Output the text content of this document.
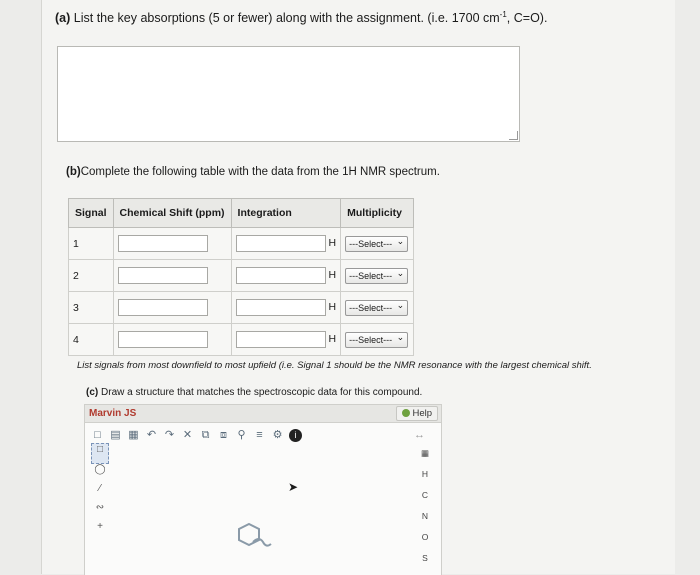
(a) List the key absorptions (5 or fewer) along with the assignment. (i.e. 1700 $cm^{-1}$, C=O).
(b)Complete the following table with the data from the 1H NMR spectrum.
Signal	Chemical Shift (ppm)	Integration	Multiplicity
1		H	---Select--- ⌄
2		H	---Select--- ⌄
3		H	---Select--- ⌄
4		H	---Select--- ⌄
List signals from most downfield to most upfield (i.e. Signal 1 should be the NMR resonance with the largest chemical shift.
(c) Draw a structure that matches the spectroscopic data for this compound.
Marvin JS	Help
□ ▤ ▦ ↶ ↷ ✕ ⧉ ⧈ ⚲ ≡ ⚙	i	↔
□
◯
⁄
∾
+
▦
H
C
N
O
S
➤
